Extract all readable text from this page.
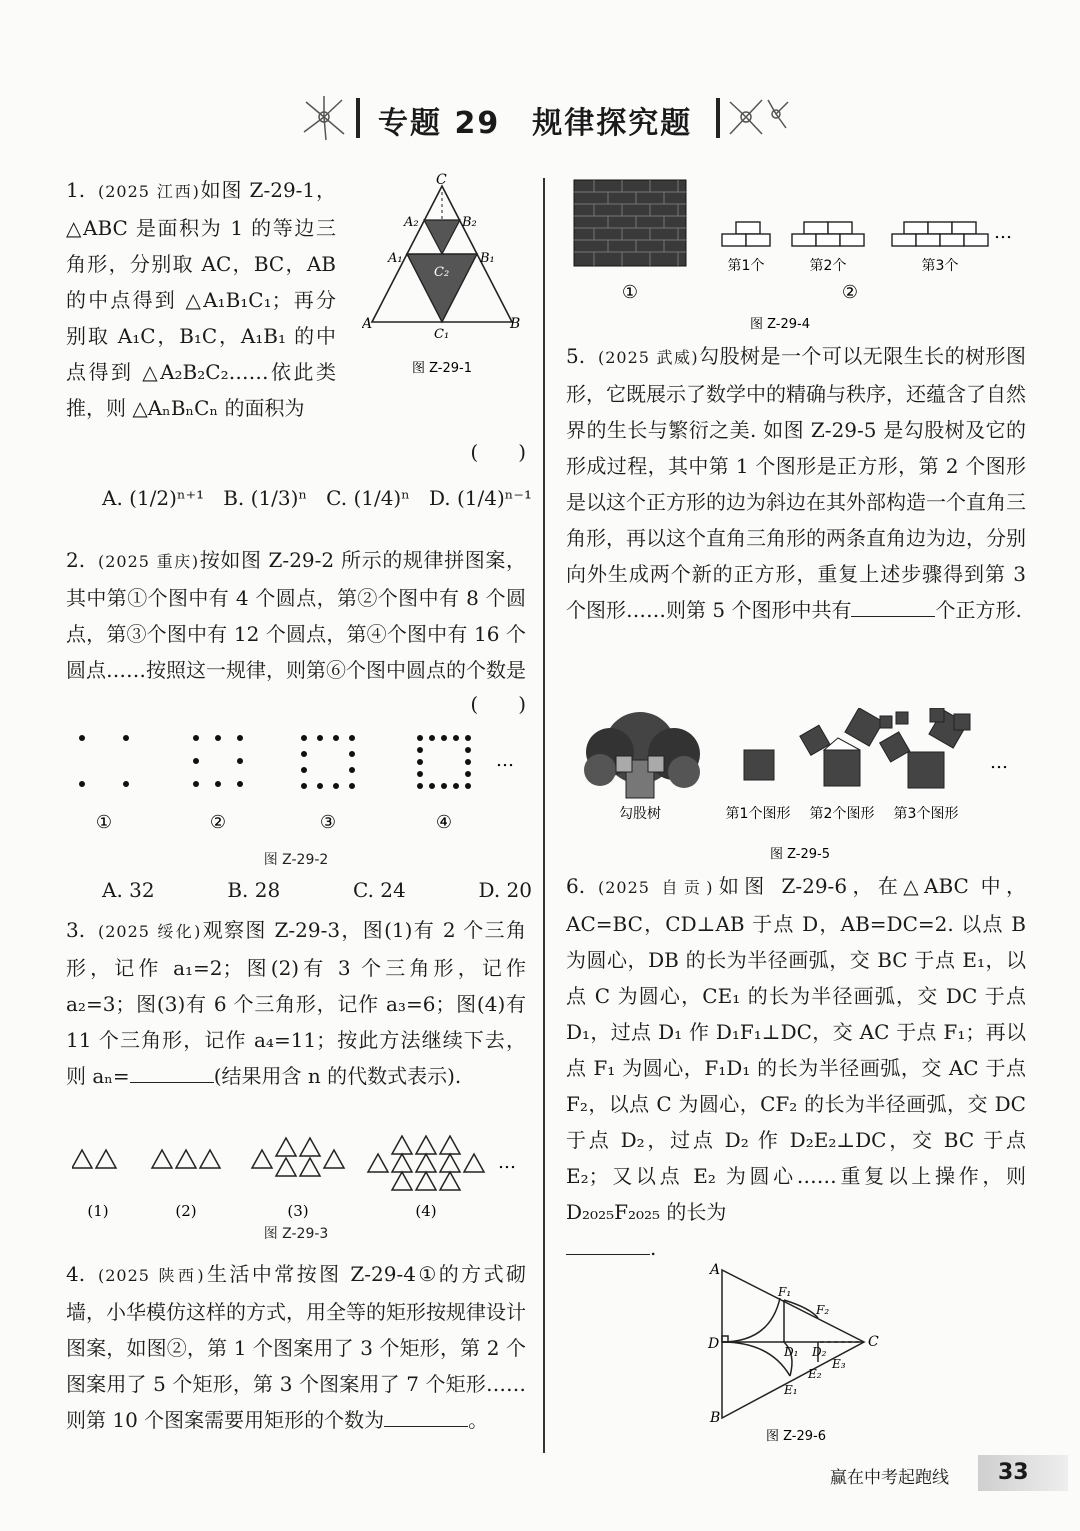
专题 29　规律探究题

1. (2025 江西)如图 Z-29-1，△ABC 是面积为 1 的等边三角形，分别取 AC，BC，AB 的中点得到 △A₁B₁C₁；再分别取 A₁C，B₁C，A₁B₁ 的中点得到 △A₂B₂C₂……依此类推，则 △AₙBₙCₙ 的面积为

(　　)
A. (1/2)ⁿ⁺¹ B. (1/3)ⁿ C. (1/4)ⁿ D. (1/4)ⁿ⁻¹
C
A	B
A₁	B₁
C₁
A₂	B₂
C₂
图 Z-29-1

2. (2025 重庆)按如图 Z-29-2 所示的规律拼图案，其中第①个图中有 4 个圆点，第②个图中有 8 个圆点，第③个图中有 12 个圆点，第④个图中有 16 个圆点……按照这一规律，则第⑥个图中圆点的个数是

(　　)
…
①	②	③	④
图 Z-29-2
A. 32	B. 28	C. 24	D. 20

3. (2025 绥化)观察图 Z-29-3，图(1)有 2 个三角形，记作 a₁=2；图(2)有 3 个三角形，记作 a₂=3；图(3)有 6 个三角形，记作 a₃=6；图(4)有 11 个三角形，记作 a₄=11；按此方法继续下去，则 aₙ=	(结果用含 n 的代数式表示).

…
(1)	(2)	(3)	(4)
图 Z-29-3

4. (2025 陕西)生活中常按图 Z-29-4①的方式砌墙，小华模仿这样的方式，用全等的矩形按规律设计图案，如图②，第 1 个图案用了 3 个矩形，第 2 个图案用了 5 个矩形，第 3 个图案用了 7 个矩形……则第 10 个图案需要用矩形的个数为	。

…
①
第1个	第2个	第3个
②
图 Z-29-4

5. (2025 武威)勾股树是一个可以无限生长的树形图形，它既展示了数学中的精确与秩序，还蕴含了自然界的生长与繁衍之美. 如图 Z-29-5 是勾股树及它的形成过程，其中第 1 个图形是正方形，第 2 个图形是以这个正方形的边为斜边在其外部构造一个直角三角形，再以这个直角三角形的两条直角边为边，分别向外生成两个新的正方形，重复上述步骤得到第 3 个图形……则第 5 个图形中共有	个正方形.

勾股树	第1个图形 第2个图形 第3个图形
…
图 Z-29-5

6. (2025 自贡)如图 Z-29-6，在△ABC 中，AC=BC，CD⊥AB 于点 D，AB=DC=2. 以点 B 为圆心，DB 的长为半径画弧，交 BC 于点 E₁，以点 C 为圆心，CE₁ 的长为半径画弧，交 DC 于点 D₁，过点 D₁ 作 D₁F₁⊥DC，交 AC 于点 F₁；再以点 F₁ 为圆心，F₁D₁ 的长为半径画弧，交 AC 于点 F₂，以点 C 为圆心，CF₂ 的长为半径画弧，交 DC 于点 D₂，过点 D₂ 作 D₂E₂⊥DC，交 BC 于点 E₂；又以点 E₂ 为圆心……重复以上操作，则 D₂₀₂₅F₂₀₂₅ 的长为
.

A
B
C
D
F₁
F₂
D₁ D₂
E₁
E₂
E₃
图 Z-29-6
赢在中考起跑线	33
